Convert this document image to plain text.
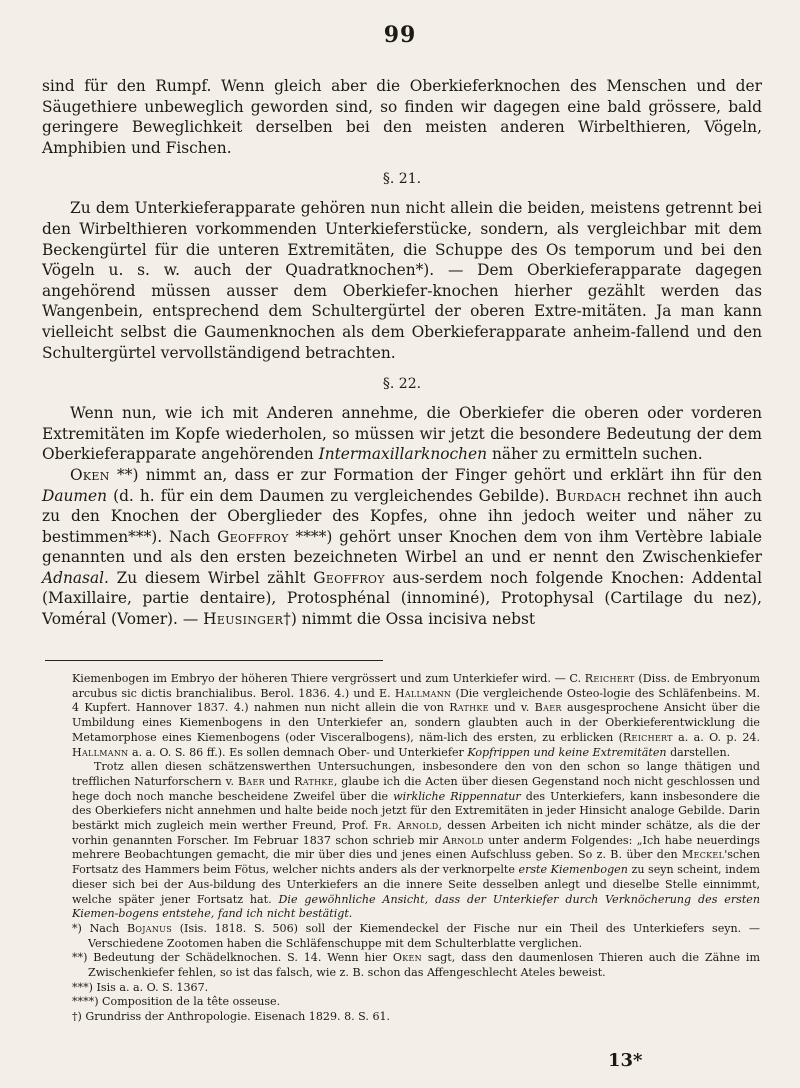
99

sind für den Rumpf. Wenn gleich aber die Oberkieferknochen des Menschen und der Säugethiere unbeweglich geworden sind, so finden wir dagegen eine bald grössere, bald geringere Beweglichkeit derselben bei den meisten anderen Wirbelthieren, Vögeln, Amphibien und Fischen.

§. 21.

Zu dem Unterkieferapparate gehören nun nicht allein die beiden, meistens getrennt bei den Wirbelthieren vorkommenden Unterkieferstücke, sondern, als vergleichbar mit dem Beckengürtel für die unteren Extremitäten, die Schuppe des Os temporum und bei den Vögeln u. s. w. auch der Quadratknochen*). — Dem Oberkieferapparate dagegen angehörend müssen ausser dem Oberkiefer-knochen hierher gezählt werden das Wangenbein, entsprechend dem Schultergürtel der oberen Extre-mitäten. Ja man kann vielleicht selbst die Gaumenknochen als dem Oberkieferapparate anheim-fallend und den Schultergürtel vervollständigend betrachten.

§. 22.

Wenn nun, wie ich mit Anderen annehme, die Oberkiefer die oberen oder vorderen Extremitäten im Kopfe wiederholen, so müssen wir jetzt die besondere Bedeutung der dem Oberkieferapparate angehörenden Intermaxillarknochen näher zu ermitteln suchen.

Oken **) nimmt an, dass er zur Formation der Finger gehört und erklärt ihn für den Daumen (d. h. für ein dem Daumen zu vergleichendes Gebilde). Burdach rechnet ihn auch zu den Knochen der Oberglieder des Kopfes, ohne ihn jedoch weiter und näher zu bestimmen***). Nach Geoffroy ****) gehört unser Knochen dem von ihm Vertèbre labiale genannten und als den ersten bezeichneten Wirbel an und er nennt den Zwischenkiefer Adnasal. Zu diesem Wirbel zählt Geoffroy aus-serdem noch folgende Knochen: Addental (Maxillaire, partie dentaire), Protosphénal (innominé), Protophysal (Cartilage du nez), Voméral (Vomer). — Heusinger†) nimmt die Ossa incisiva nebst

Kiemenbogen im Embryo der höheren Thiere vergrössert und zum Unterkiefer wird. — C. Reichert (Diss. de Embryonum arcubus sic dictis branchialibus. Berol. 1836. 4.) und E. Hallmann (Die vergleichende Osteo-logie des Schläfenbeins. M. 4 Kupfert. Hannover 1837. 4.) nahmen nun nicht allein die von Rathke und v. Baer ausgesprochene Ansicht über die Umbildung eines Kiemenbogens in den Unterkiefer an, sondern glaubten auch in der Oberkieferentwicklung die Metamorphose eines Kiemenbogens (oder Visceralbogens), näm-lich des ersten, zu erblicken (Reichert a. a. O. p. 24. Hallmann a. a. O. S. 86 ff.). Es sollen demnach Ober- und Unterkiefer Kopfrippen und keine Extremitäten darstellen.

Trotz allen diesen schätzenswerthen Untersuchungen, insbesondere den von den schon so lange thätigen und trefflichen Naturforschern v. Baer und Rathke, glaube ich die Acten über diesen Gegenstand noch nicht geschlossen und hege doch noch manche bescheidene Zweifel über die wirkliche Rippennatur des Unterkiefers, kann insbesondere die des Oberkiefers nicht annehmen und halte beide noch jetzt für den Extremitäten in jeder Hinsicht analoge Gebilde. Darin bestärkt mich zugleich mein werther Freund, Prof. Fr. Arnold, dessen Arbeiten ich nicht minder schätze, als die der vorhin genannten Forscher. Im Februar 1837 schon schrieb mir Arnold unter anderm Folgendes: „Ich habe neuerdings mehrere Beobachtungen gemacht, die mir über dies und jenes einen Aufschluss geben. So z. B. über den Meckel'schen Fortsatz des Hammers beim Fötus, welcher nichts anders als der verknorpelte erste Kiemenbogen zu seyn scheint, indem dieser sich bei der Aus-bildung des Unterkiefers an die innere Seite desselben anlegt und dieselbe Stelle einnimmt, welche später jener Fortsatz hat. Die gewöhnliche Ansicht, dass der Unterkiefer durch Verknöcherung des ersten Kiemen-bogens entstehe, fand ich nicht bestätigt.

*) Nach Bojanus (Isis. 1818. S. 506) soll der Kiemendeckel der Fische nur ein Theil des Unterkiefers seyn. — Verschiedene Zootomen haben die Schläfenschuppe mit dem Schulterblatte verglichen.

**) Bedeutung der Schädelknochen. S. 14. Wenn hier Oken sagt, dass den daumenlosen Thieren auch die Zähne im Zwischenkiefer fehlen, so ist das falsch, wie z. B. schon das Affengeschlecht Ateles beweist.

***) Isis a. a. O. S. 1367.

****) Composition de la tête osseuse.

†) Grundriss der Anthropologie. Eisenach 1829. 8. S. 61.

13*
